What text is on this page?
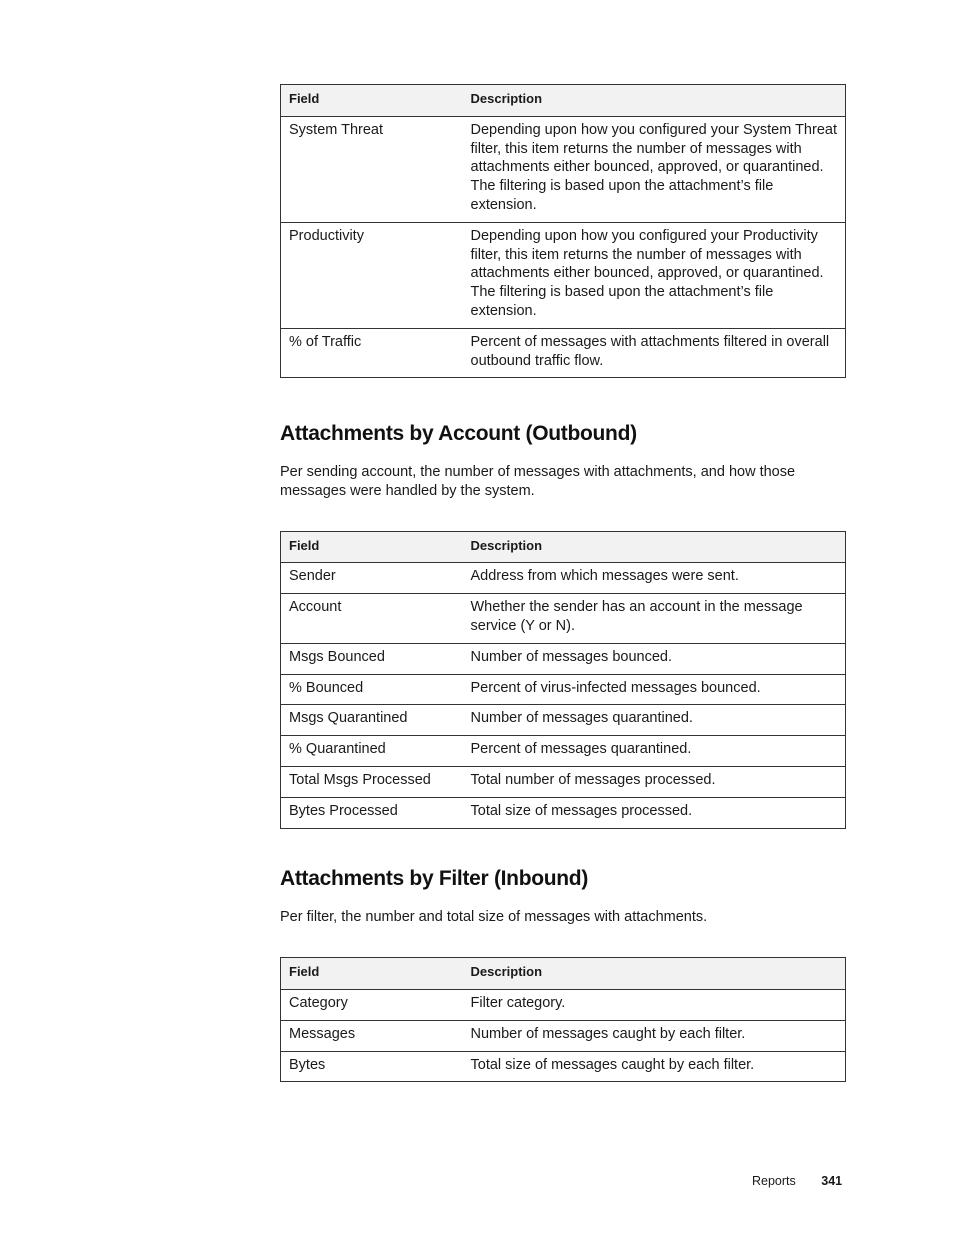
Field	Description
System Threat	Depending upon how you configured your System Threat filter, this item returns the number of messages with attachments either bounced, approved, or quarantined. The filtering is based upon the attachment’s file extension.
Productivity	Depending upon how you configured your Productivity filter, this item returns the number of messages with attachments either bounced, approved, or quarantined. The filtering is based upon the attachment’s file extension.
% of Traffic	Percent of messages with attachments filtered in overall outbound traffic flow.
Attachments by Account (Outbound)

Per sending account, the number of messages with attachments, and how those messages were handled by the system.

Field	Description
Sender	Address from which messages were sent.
Account	Whether the sender has an account in the message service (Y or N).
Msgs Bounced	Number of messages bounced.
% Bounced	Percent of virus-infected messages bounced.
Msgs Quarantined	Number of messages quarantined.
% Quarantined	Percent of messages quarantined.
Total Msgs Processed	Total number of messages processed.
Bytes Processed	Total size of messages processed.
Attachments by Filter (Inbound)

Per filter, the number and total size of messages with attachments.

Field	Description
Category	Filter category.
Messages	Number of messages caught by each filter.
Bytes	Total size of messages caught by each filter.
Reports 341
